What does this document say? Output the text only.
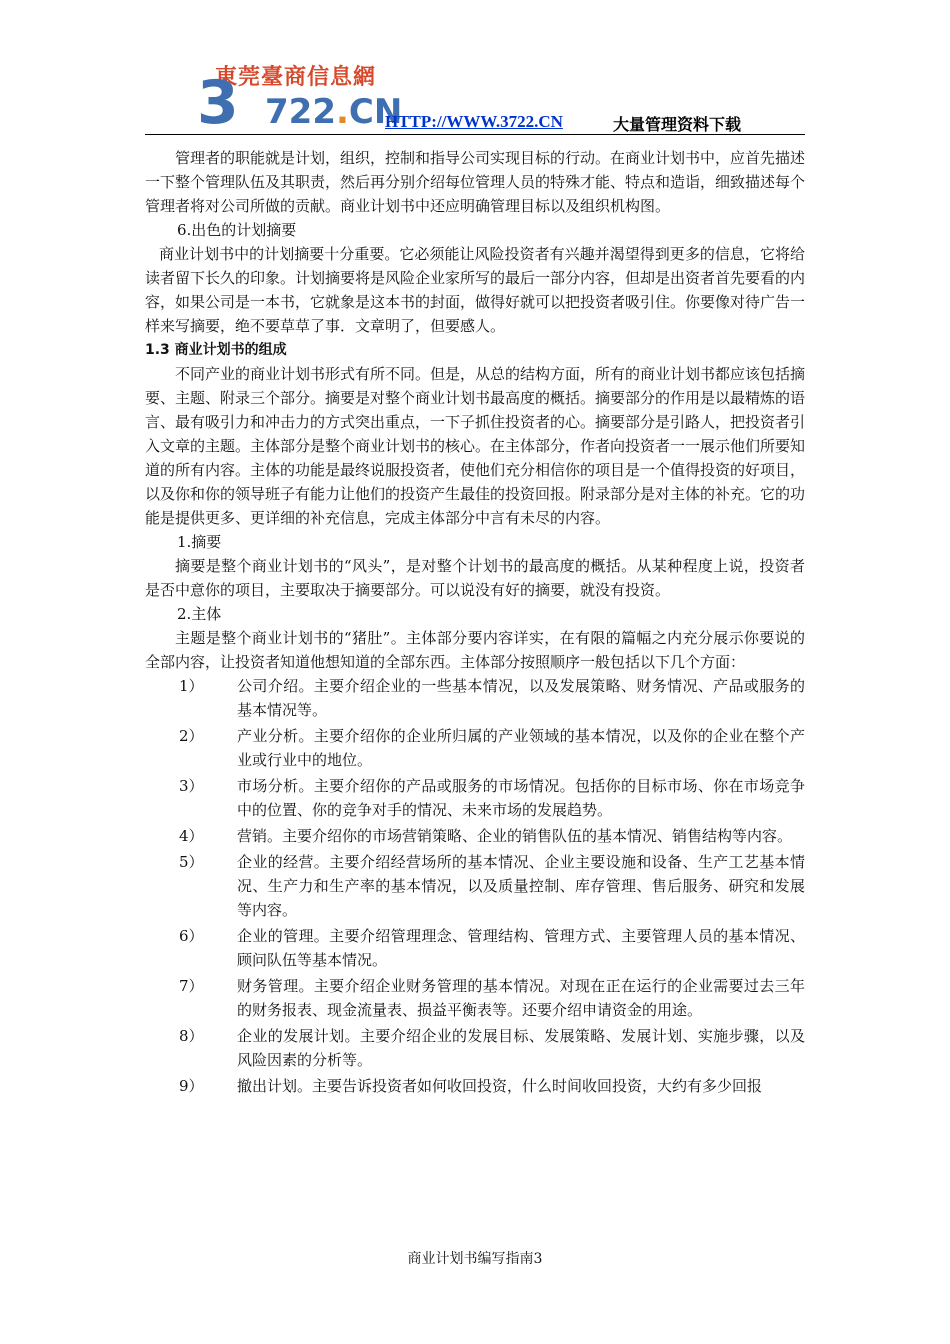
東莞臺商信息網
3 722.CN
HTTP://WWW.3722.CN	大量管理资料下载

管理者的职能就是计划，组织，控制和指导公司实现目标的行动。在商业计划书中，应首先描述一下整个管理队伍及其职责，然后再分别介绍每位管理人员的特殊才能、特点和造诣，细致描述每个管理者将对公司所做的贡献。商业计划书中还应明确管理目标以及组织机构图。

6.出色的计划摘要

商业计划书中的计划摘要十分重要。它必须能让风险投资者有兴趣并渴望得到更多的信息，它将给读者留下长久的印象。计划摘要将是风险企业家所写的最后一部分内容，但却是出资者首先要看的内容，如果公司是一本书，它就象是这本书的封面，做得好就可以把投资者吸引住。你要像对待广告一样来写摘要，绝不要草草了事．文章明了，但要感人。

1.3 商业计划书的组成

不同产业的商业计划书形式有所不同。但是，从总的结构方面，所有的商业计划书都应该包括摘要、主题、附录三个部分。摘要是对整个商业计划书最高度的概括。摘要部分的作用是以最精炼的语言、最有吸引力和冲击力的方式突出重点，一下子抓住投资者的心。摘要部分是引路人，把投资者引入文章的主题。主体部分是整个商业计划书的核心。在主体部分，作者向投资者一一展示他们所要知道的所有内容。主体的功能是最终说服投资者，使他们充分相信你的项目是一个值得投资的好项目，以及你和你的领导班子有能力让他们的投资产生最佳的投资回报。附录部分是对主体的补充。它的功能是提供更多、更详细的补充信息，完成主体部分中言有未尽的内容。

1.摘要

摘要是整个商业计划书的“风头”，是对整个计划书的最高度的概括。从某种程度上说，投资者是否中意你的项目，主要取决于摘要部分。可以说没有好的摘要，就没有投资。

2.主体

主题是整个商业计划书的“猪肚”。主体部分要内容详实，在有限的篇幅之内充分展示你要说的全部内容，让投资者知道他想知道的全部东西。主体部分按照顺序一般包括以下几个方面：

1）	公司介绍。主要介绍企业的一些基本情况，以及发展策略、财务情况、产品或服务的基本情况等。
2）	产业分析。主要介绍你的企业所归属的产业领域的基本情况，以及你的企业在整个产业或行业中的地位。
3）	市场分析。主要介绍你的产品或服务的市场情况。包括你的目标市场、你在市场竞争中的位置、你的竞争对手的情况、未来市场的发展趋势。
4）	营销。主要介绍你的市场营销策略、企业的销售队伍的基本情况、销售结构等内容。
5）	企业的经营。主要介绍经营场所的基本情况、企业主要设施和设备、生产工艺基本情况、生产力和生产率的基本情况，以及质量控制、库存管理、售后服务、研究和发展等内容。
6）	企业的管理。主要介绍管理理念、管理结构、管理方式、主要管理人员的基本情况、顾问队伍等基本情况。
7）	财务管理。主要介绍企业财务管理的基本情况。对现在正在运行的企业需要过去三年的财务报表、现金流量表、损益平衡表等。还要介绍申请资金的用途。
8）	企业的发展计划。主要介绍企业的发展目标、发展策略、发展计划、实施步骤，以及风险因素的分析等。
9）	撤出计划。主要告诉投资者如何收回投资，什么时间收回投资，大约有多少回报
商业计划书编写指南3
